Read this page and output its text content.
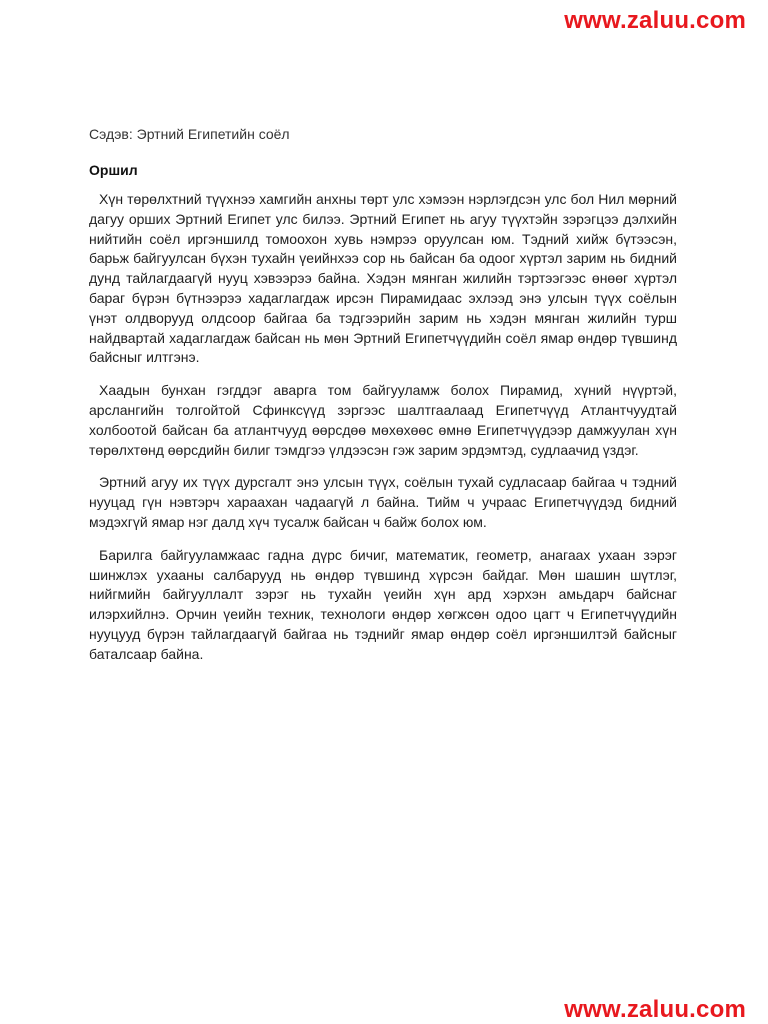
www.zaluu.com

Сэдэв: Эртний Египетийн соёл

Оршил

Хүн төрөлхтний түүхнээ хамгийн анхны төрт улс хэмээн нэрлэгдсэн улс бол Нил мөрний дагуу орших Эртний Египет улс билээ. Эртний Египет нь агуу түүхтэйн зэрэгцээ дэлхийн нийтийн соёл иргэншилд томоохон хувь нэмрээ оруулсан юм. Тэдний хийж бүтээсэн, барьж байгуулсан бүхэн тухайн үеийнхээ сор нь байсан ба одоог хүртэл зарим нь бидний дунд тайлагдаагүй нууц хэвээрээ байна. Хэдэн мянган жилийн тэртээгээс өнөөг хүртэл бараг бүрэн бүтнээрээ хадаглагдаж ирсэн Пирамидаас эхлээд энэ улсын түүх соёлын үнэт олдворууд олдсоор байгаа ба тэдгээрийн зарим нь хэдэн мянган жилийн турш найдвартай хадаглагдаж байсан нь мөн Эртний Египетчүүдийн соёл ямар өндөр түвшинд байсныг илтгэнэ.

Хаадын бунхан гэгддэг аварга том байгууламж болох Пирамид, хүний нүүртэй, арслангийн толгойтой Сфинксүүд зэргээс шалтгаалаад Египетчүүд Атлантчуудтай холбоотой байсан ба атлантчууд өөрсдөө мөхөхөөс өмнө Египетчүүдээр дамжуулан хүн төрөлхтөнд өөрсдийн билиг тэмдгээ үлдээсэн гэж зарим эрдэмтэд, судлаачид үздэг.

Эртний агуу их түүх дурсгалт энэ улсын түүх, соёлын тухай судласаар байгаа ч тэдний нууцад гүн нэвтэрч хараахан чадаагүй л байна. Тийм ч учраас Египетчүүдэд бидний мэдэхгүй ямар нэг далд хүч тусалж байсан ч байж болох юм.

Барилга байгууламжаас гадна дүрс бичиг, математик, геометр, анагаах ухаан зэрэг шинжлэх ухааны салбарууд нь өндөр түвшинд хүрсэн байдаг. Мөн шашин шүтлэг, нийгмийн байгууллалт зэрэг нь тухайн үеийн хүн ард хэрхэн амьдарч байснаг илэрхийлнэ. Орчин үеийн техник, технологи өндөр хөгжсөн одоо цагт ч Египетчүүдийн нууцууд бүрэн тайлагдаагүй байгаа нь тэднийг ямар өндөр соёл иргэншилтэй байсныг баталсаар байна.

www.zaluu.com
